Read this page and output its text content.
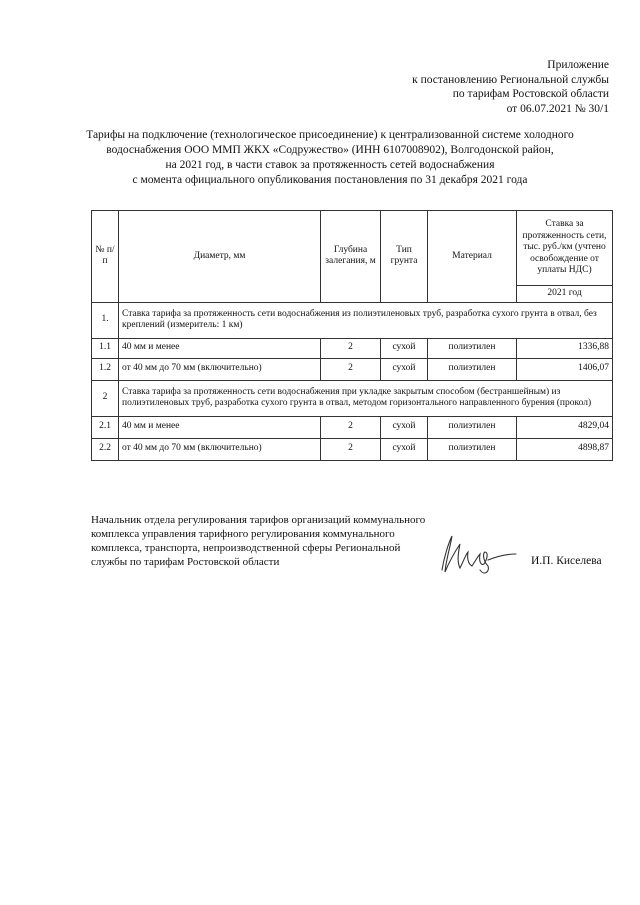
Приложение
к постановлению Региональной службы
по тарифам Ростовской области
от 06.07.2021 № 30/1
Тарифы на подключение (технологическое присоединение) к централизованной системе холодного
водоснабжения ООО ММП ЖКХ «Содружество» (ИНН 6107008902), Волгодонской район,
на 2021 год, в части ставок за протяженность сетей водоснабжения
с момента официального опубликования постановления по 31 декабря 2021 года
№ п/п	Диаметр, мм	Глубина залегания, м	Тип грунта	Материал	Ставка за протяженность сети, тыс. руб./км (учтено освобождение от уплаты НДС)
					2021 год
1.	Ставка тарифа за протяженность сети водоснабжения из полиэтиленовых труб, разработка сухого грунта в отвал, без креплений (измеритель: 1 км)				
1.1	40 мм и менее	2	сухой	полиэтилен	1336,88
1.2	от 40 мм до 70 мм (включительно)	2	сухой	полиэтилен	1406,07
2	Ставка тарифа за протяженность сети водоснабжения при укладке закрытым способом (бестраншейным) из полиэтиленовых труб, разработка сухого грунта в отвал, методом горизонтального направленного бурения (прокол)				
2.1	40 мм и менее	2	сухой	полиэтилен	4829,04
2.2	от 40 мм до 70 мм (включительно)	2	сухой	полиэтилен	4898,87
Начальник отдела регулирования тарифов организаций коммунального
комплекса управления тарифного регулирования коммунального
комплекса, транспорта, непроизводственной сферы Региональной
службы по тарифам Ростовской области	И.П. Киселева
